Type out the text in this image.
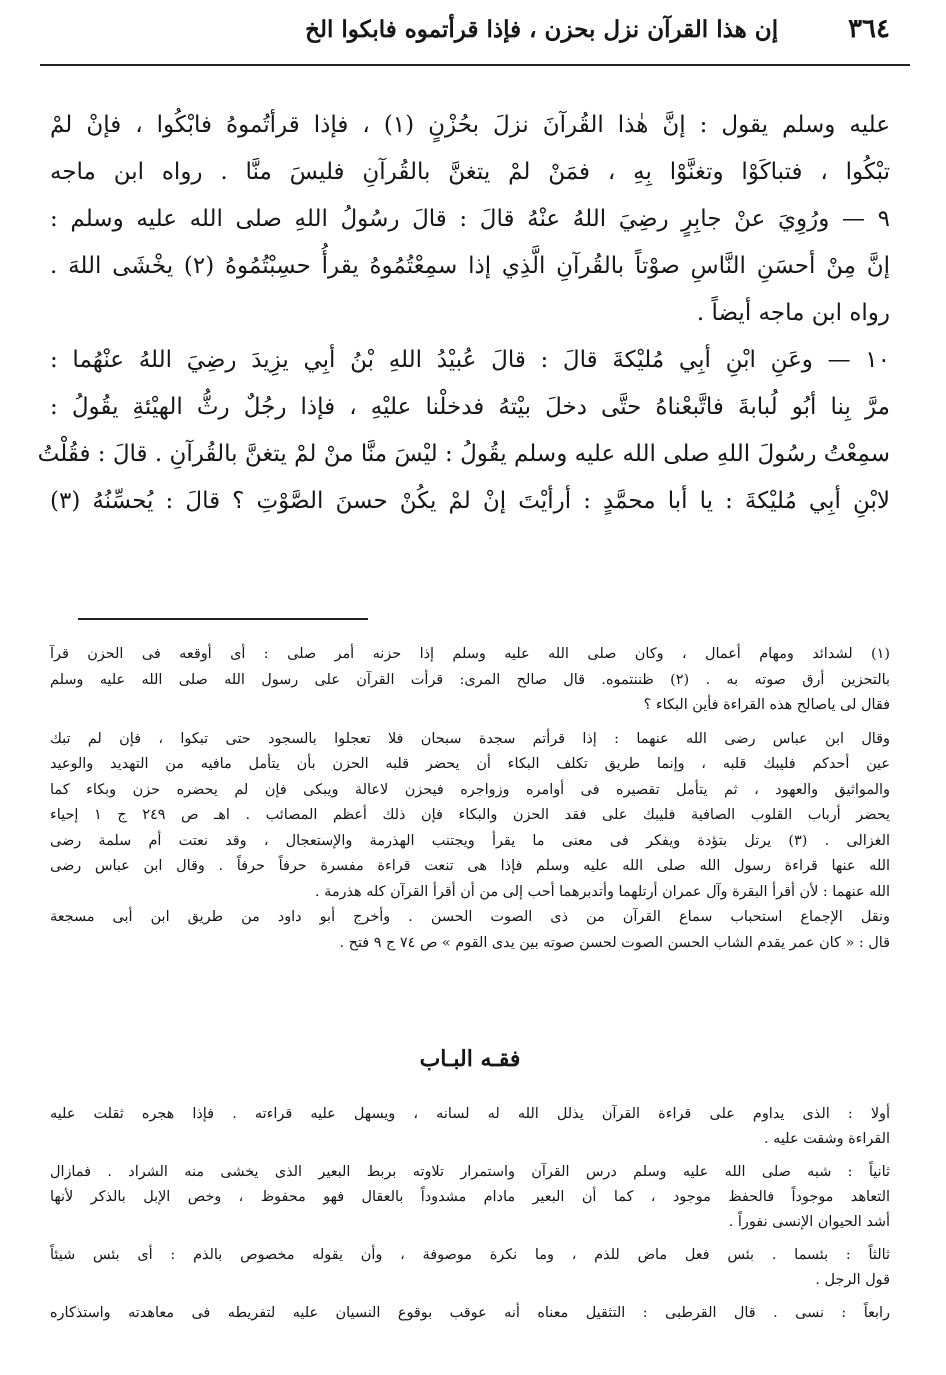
٣٦٤
إن هذا القرآن نزل بحزن ، فإذا قرأتموه فابكوا الخ
عليه وسلم يقول : إنَّ هٰذا القُرآنَ نزلَ بحُزْنٍ (١) ، فإذا قرأتُموهُ فابْكُوا ، فإنْ لمْ
تبْكُوا ، فتباكَوْا وتغنَّوْا بِهِ ، فمَنْ لمْ يتغنَّ بالقُرآنِ فليسَ منَّا . رواه ابن ماجه
٩ — ورُوِيَ عنْ جابِرٍ رضِيَ اللهُ عنْهُ قالَ : قالَ رسُولُ اللهِ صلى الله عليه وسلم :
إنَّ مِنْ أحسَنِ النَّاسِ صوْتاً بالقُرآنِ الَّذِي إذا سمِعْتُمُوهُ يقرأُ حسِبْتُمُوهُ (٢) يخْشَى اللهَ .
رواه ابن ماجه أيضاً .
١٠ — وعَنِ ابْنِ أبِي مُليْكةَ قالَ : قالَ عُبيْدُ اللهِ بْنُ أبِي يزِيدَ رضِيَ اللهُ عنْهُما :
مرَّ بِنا أبُو لُبابةَ فاتَّبعْناهُ حتَّى دخلَ بيْتهُ فدخلْنا عليْهِ ، فإذا رجُلٌ رثُّ الهيْئةِ يقُولُ :
سمِعْتُ رسُولَ اللهِ صلى الله عليه وسلم يقُولُ : ليْسَ منَّا منْ لمْ يتغنَّ بالقُرآنِ . قالَ : فقُلْتُ
لابْنِ أبِي مُليْكةَ : يا أبا محمَّدٍ : أرأيْتَ إنْ لمْ يكُنْ حسنَ الصَّوْتِ ؟ قالَ : يُحسِّنُهُ (٣)
(١) لشدائد ومهام أعمال ، وكان صلى الله عليه وسلم إذا حزنه أمر صلى : أى أوقعه فى الحزن قرآ
بالتحزين أرق صوته به . (٢) ظننتموه. قال صالح المرى: قرأت القرآن على رسول الله صلى الله عليه وسلم
فقال لى ياصالح هذه القراءة فأين البكاء ؟
وقال ابن عباس رضى الله عنهما : إذا قرأتم سجدة سبحان فلا تعجلوا بالسجود حتى تبكوا ، فإن لم تبك
عين أحدكم فليبك قلبه ، وإنما طريق تكلف البكاء أن يحضر قلبه الحزن بأن يتأمل مافيه من التهديد والوعيد
والمواثيق والعهود ، ثم يتأمل تقصيره فى أوامره وزواجره فيحزن لاعالة ويبكى فإن لم يحضره حزن وبكاء كما
يحضر أرباب القلوب الصافية فليبك على فقد الحزن والبكاء فإن ذلك أعظم المصائب . اهـ ص ٢٤٩ ج ١ إحياء
الغزالى . (٣) يرتل بتؤدة ويفكر فى معنى ما يقرأ ويجتنب الهذرمة والإستعجال ، وقد نعتت أم سلمة رضى
الله عنها قراءة رسول الله صلى الله عليه وسلم فإذا هى تنعت قراءة مفسرة حرفاً حرفاً . وقال ابن عباس رضى
الله عنهما : لأن أقرأ البقرة وآل عمران أرتلهما وأتدبرهما أحب إلى من أن أقرأ القرآن كله هذرمة .
ونقل الإجماع استحباب سماع القرآن من ذى الصوت الحسن . وأخرج أبو داود من طريق ابن أبى مسجعة
قال : « كان عمر يقدم الشاب الحسن الصوت لحسن صوته بين يدى القوم » ص ٧٤ ج ٩ فتح .
فقـه البـاب
أولا : الذى يداوم على قراءة القرآن يذلل الله له لسانه ، ويسهل عليه قراءته . فإذا هجره ثقلت عليه
القراءة وشقت عليه .
ثانياً : شبه صلى الله عليه وسلم درس القرآن واستمرار تلاوته بربط البعير الذى يخشى منه الشراد . فمازال
التعاهد موجوداً فالحفظ موجود ، كما أن البعير مادام مشدوداً بالعقال فهو محفوظ ، وخص الإبل بالذكر لأنها
أشد الحيوان الإنسى نفوراً .
ثالثاً : بئسما . بئس فعل ماض للذم ، وما نكرة موصوفة ، وأن يقوله مخصوص بالذم : أى بئس شيئاً
قول الرجل .
رابعاً : نسى . قال القرطبى : التثقيل معناه أنه عوقب بوقوع النسيان عليه لتفريطه فى معاهدته واستذكاره
